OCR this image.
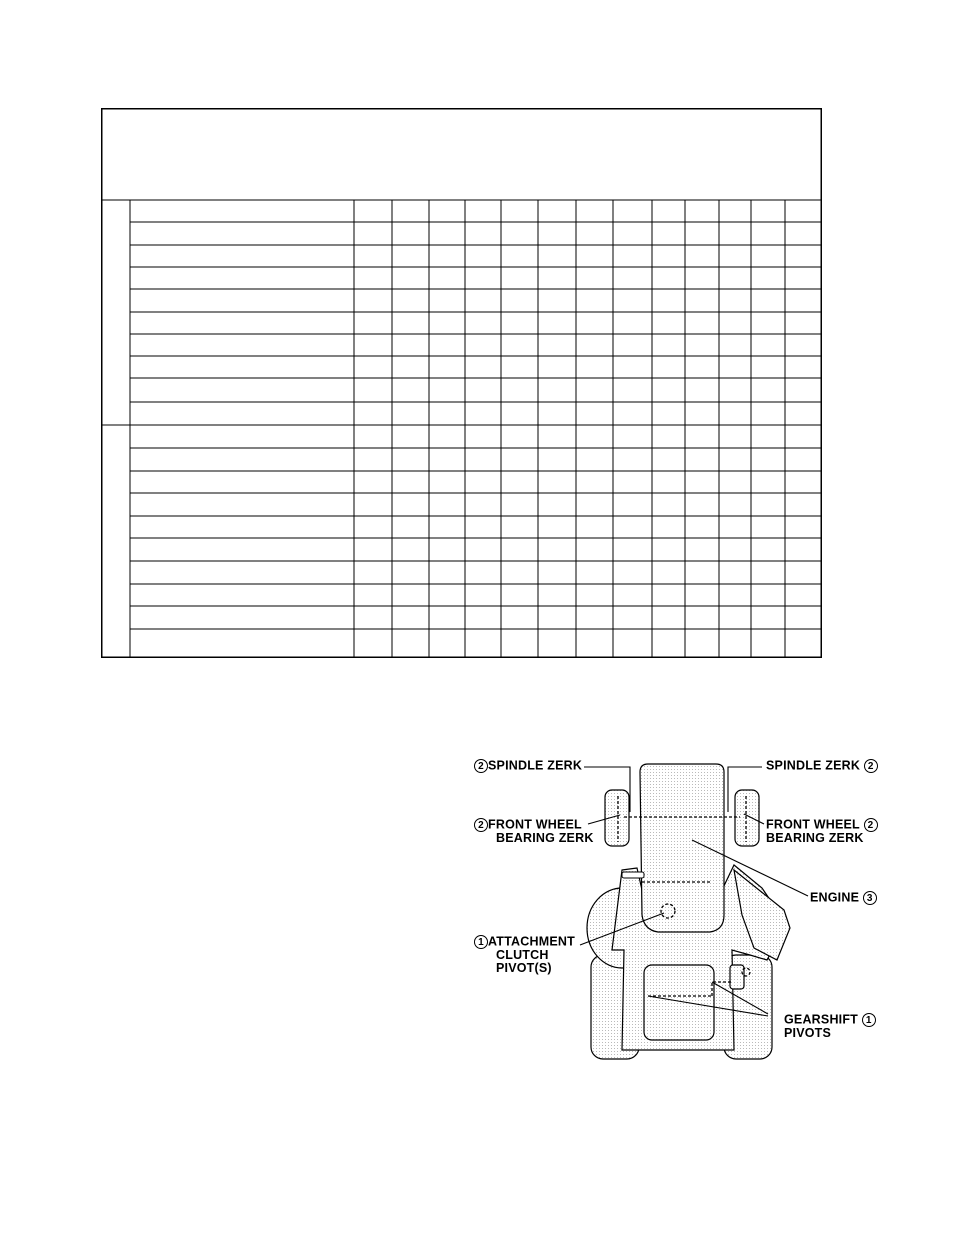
2 SPINDLE ZERK	SPINDLE ZERK 2
2 FRONT WHEEL
BEARING ZERK
FRONT WHEEL 2
BEARING ZERK
ENGINE 3
1 ATTACHMENT
CLUTCH
PIVOT(S)
GEARSHIFT 1
PIVOTS
